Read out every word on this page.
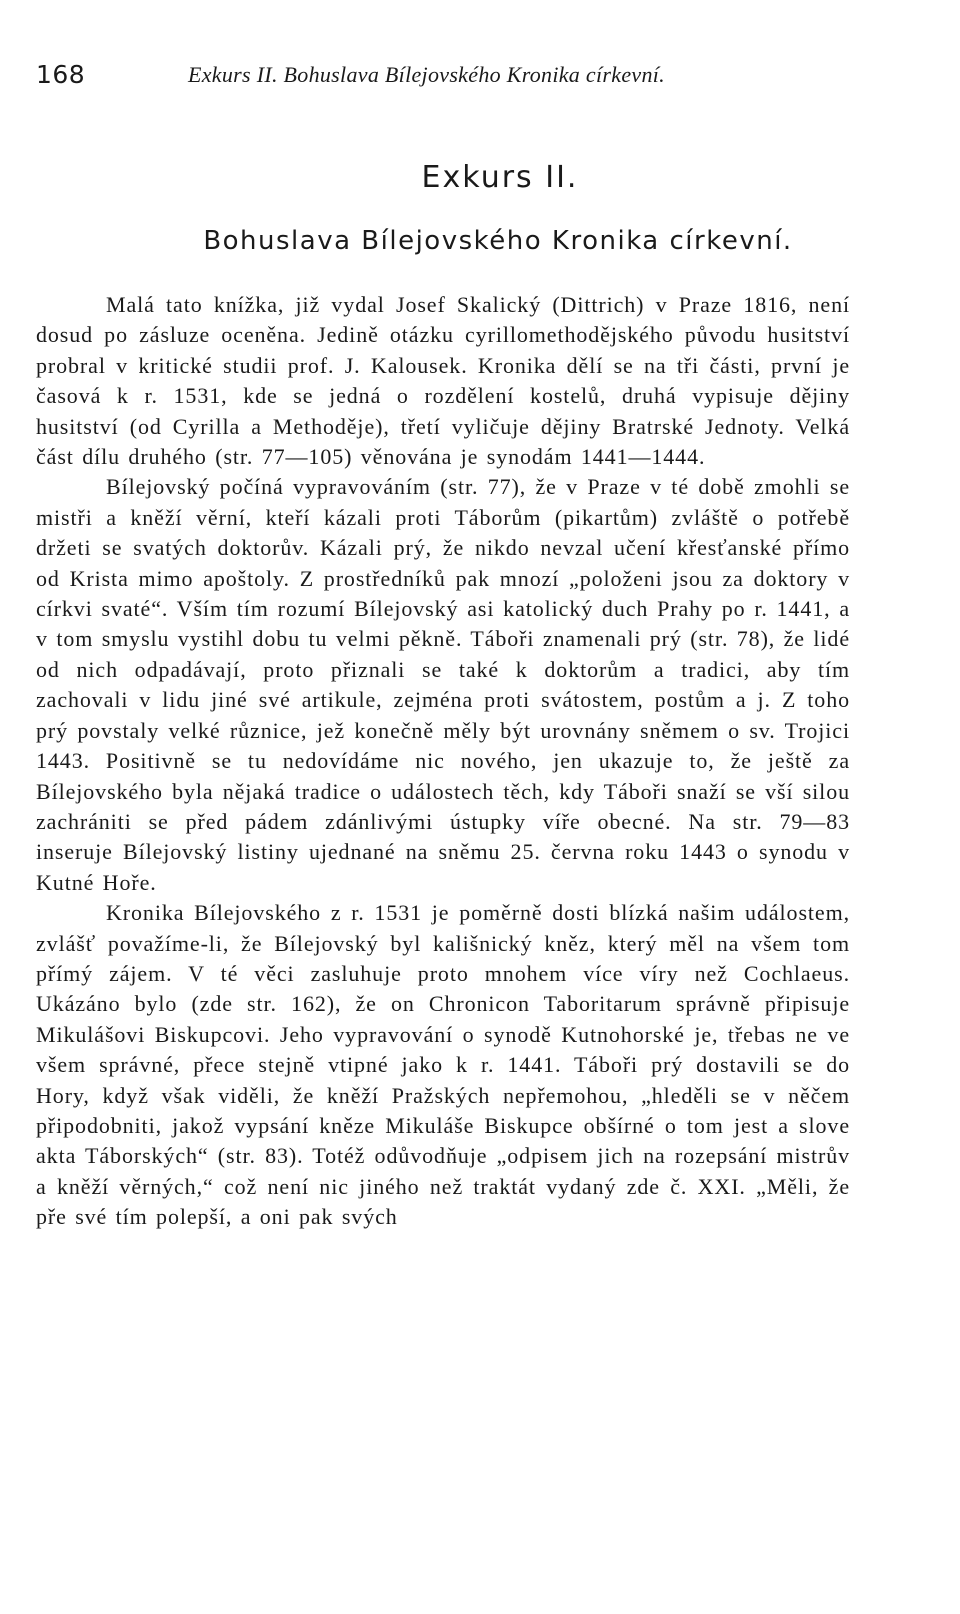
168	Exkurs II. Bohuslava Bílejovského Kronika církevní.
Exkurs II.
Bohuslava Bílejovského Kronika církevní.

Malá tato knížka, již vydal Josef Skalický (Dittrich) v Praze 1816, není dosud po zásluze oceněna. Jedině otázku cyrillomethodějského původu husitství probral v kritické studii prof. J. Kalousek. Kronika dělí se na tři části, první je časová k r. 1531, kde se jedná o rozdělení kostelů, druhá vypisuje dějiny husitství (od Cyrilla a Methoděje), třetí vyličuje dějiny Bratrské Jednoty. Velká část dílu druhého (str. 77—105) věnována je synodám 1441—1444.

Bílejovský počíná vypravováním (str. 77), že v Praze v té době zmohli se mistři a kněží věrní, kteří kázali proti Táborům (pikartům) zvláště o potřebě držeti se svatých doktorův. Kázali prý, že nikdo nevzal učení křesťanské přímo od Krista mimo apoštoly. Z prostředníků pak mnozí „položeni jsou za doktory v církvi svaté“. Vším tím rozumí Bílejovský asi katolický duch Prahy po r. 1441, a v tom smyslu vystihl dobu tu velmi pěkně. Táboři znamenali prý (str. 78), že lidé od nich odpadávají, proto přiznali se také k doktorům a tradici, aby tím zachovali v lidu jiné své artikule, zejména proti svátostem, postům a j. Z toho prý povstaly velké různice, jež konečně měly být urovnány sněmem o sv. Trojici 1443. Positivně se tu nedovídáme nic nového, jen ukazuje to, že ještě za Bílejovského byla nějaká tradice o událostech těch, kdy Táboři snaží se vší silou zachrániti se před pádem zdánlivými ústupky víře obecné. Na str. 79—83 inseruje Bílejovský listiny ujednané na sněmu 25. června roku 1443 o synodu v Kutné Hoře.

Kronika Bílejovského z r. 1531 je poměrně dosti blízká našim událostem, zvlášť považíme-li, že Bílejovský byl kališnický kněz, který měl na všem tom přímý zájem. V té věci zasluhuje proto mnohem více víry než Cochlaeus. Ukázáno bylo (zde str. 162), že on Chronicon Taboritarum správně připisuje Mikulášovi Biskupcovi. Jeho vypravování o synodě Kutnohorské je, třebas ne ve všem správné, přece stejně vtipné jako k r. 1441. Táboři prý dostavili se do Hory, když však viděli, že kněží Pražských nepřemohou, „hleděli se v něčem připodobniti, jakož vypsání kněze Mikuláše Biskupce obšírné o tom jest a slove akta Táborských“ (str. 83). Totéž odůvodňuje „odpisem jich na rozepsání mistrův a kněží věrných,“ což není nic jiného než traktát vydaný zde č. XXI. „Měli, že pře své tím polepší, a oni pak svých
